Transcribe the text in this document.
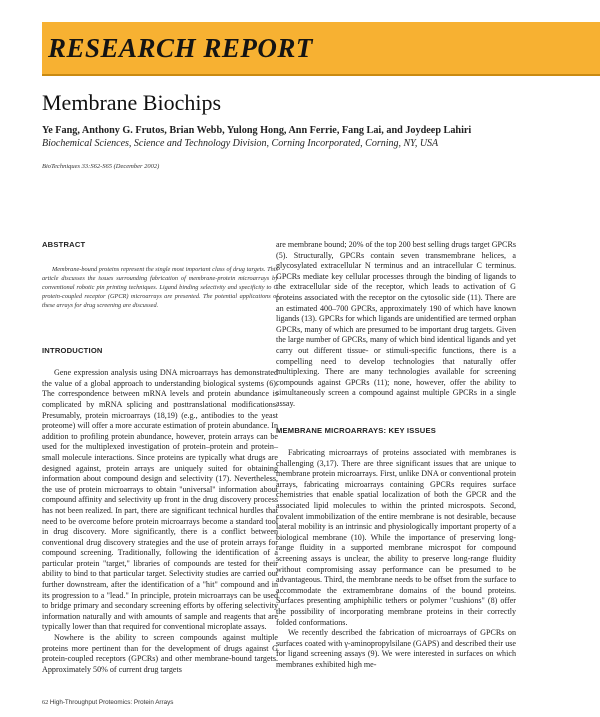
RESEARCH REPORT
Membrane Biochips
Ye Fang, Anthony G. Frutos, Brian Webb, Yulong Hong, Ann Ferrie, Fang Lai, and Joydeep Lahiri
Biochemical Sciences, Science and Technology Division, Corning Incorporated, Corning, NY, USA
BioTechniques 33:S62-S65 (December 2002)

ABSTRACT

Membrane-bound proteins represent the single most important class of drug targets. This article discusses the issues surrounding fabrication of membrane-protein microarrays by conventional robotic pin printing techniques. Ligand binding selectivity and specificity to G protein-coupled receptor (GPCR) microarrays are presented. The potential applications of these arrays for drug screening are discussed.

INTRODUCTION

Gene expression analysis using DNA microarrays has demonstrated the value of a global approach to understanding biological systems (6). The correspondence between mRNA levels and protein abundance is complicated by mRNA splicing and posttranslational modifications. Presumably, protein microarrays (18,19) (e.g., antibodies to the yeast proteome) will offer a more accurate estimation of protein abundance. In addition to profiling protein abundance, however, protein arrays can be used for the multiplexed investigation of protein–protein and protein–small molecule interactions. Since proteins are typically what drugs are designed against, protein arrays are uniquely suited for obtaining information about compound design and selectivity (17). Nevertheless, the use of protein microarrays to obtain "universal" information about compound affinity and selectivity up front in the drug discovery process has not been realized. In part, there are significant technical hurdles that need to be overcome before protein microarrays become a standard tool in drug discovery. More significantly, there is a conflict between conventional drug discovery strategies and the use of protein arrays for compound screening. Traditionally, following the identification of a particular protein "target," libraries of compounds are tested for their ability to bind to that particular target. Selectivity studies are carried out further downstream, after the identification of a "hit" compound and in its progression to a "lead." In principle, protein microarrays can be used to bridge primary and secondary screening efforts by offering selectivity information naturally and with amounts of sample and reagents that are typically lower than that required for conventional microplate assays.

Nowhere is the ability to screen compounds against multiple proteins more pertinent than for the development of drugs against G protein-coupled receptors (GPCRs) and other membrane-bound targets. Approximately 50% of current drug targets

are membrane bound; 20% of the top 200 best selling drugs target GPCRs (5). Structurally, GPCRs contain seven transmembrane helices, a glycosylated extracellular N terminus and an intracellular C terminus. GPCRs mediate key cellular processes through the binding of ligands to the extracellular side of the receptor, which leads to activation of G proteins associated with the receptor on the cytosolic side (11). There are an estimated 400–700 GPCRs, approximately 190 of which have known ligands (13). GPCRs for which ligands are unidentified are termed orphan GPCRs, many of which are presumed to be important drug targets. Given the large number of GPCRs, many of which bind identical ligands and yet carry out different tissue- or stimuli-specific functions, there is a compelling need to develop technologies that naturally offer multiplexing. There are many technologies available for screening compounds against GPCRs (11); none, however, offer the ability to simultaneously screen a compound against multiple GPCRs in a single assay.

MEMBRANE MICROARRAYS: KEY ISSUES

Fabricating microarrays of proteins associated with membranes is challenging (3,17). There are three significant issues that are unique to membrane protein microarrays. First, unlike DNA or conventional protein arrays, fabricating microarrays containing GPCRs requires surface chemistries that enable spatial localization of both the GPCR and the associated lipid molecules to within the printed microspots. Second, covalent immobilization of the entire membrane is not desirable, because lateral mobility is an intrinsic and physiologically important property of a biological membrane (10). While the importance of preserving long-range fluidity in a supported membrane microspot for compound screening assays is unclear, the ability to preserve long-range fluidity without compromising assay performance can be presumed to be advantageous. Third, the membrane needs to be offset from the surface to accommodate the extramembrane domains of the bound proteins. Surfaces presenting amphiphilic tethers or polymer "cushions" (8) offer the possibility of incorporating membrane proteins in their correctly folded conformations.

We recently described the fabrication of microarrays of GPCRs on surfaces coated with γ-aminopropylsilane (GAPS) and described their use for ligand screening assays (9). We were interested in surfaces on which membranes exhibited high me-

62 High-Throughput Proteomics: Protein Arrays
